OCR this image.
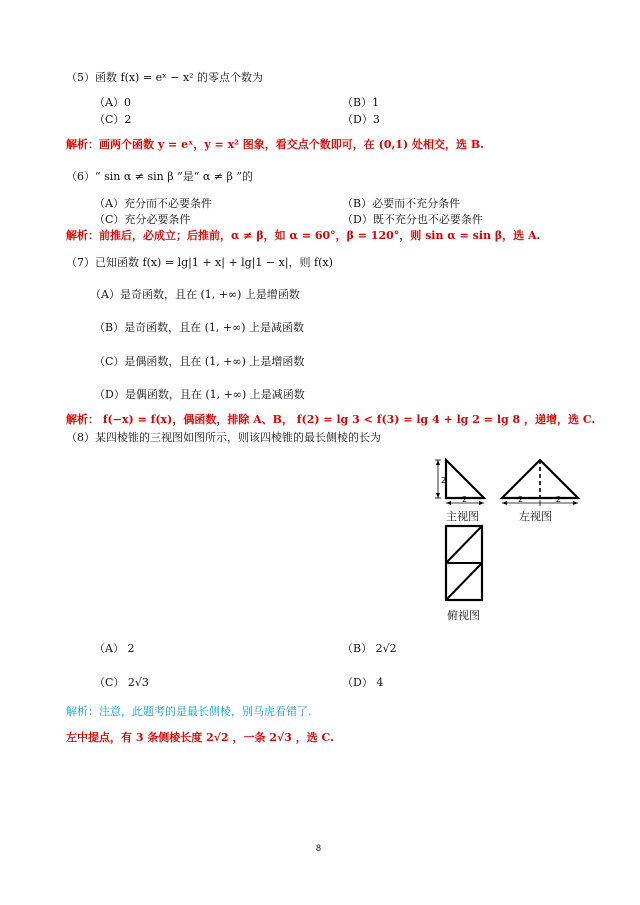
（5）函数 f(x) = eˣ − x² 的零点个数为
（A）0	（B）1
（C）2	（D）3
解析：画两个函数 y = eˣ，y = x² 图象，看交点个数即可，在 (0,1) 处相交，选 B.
（6）“ sin α ≠ sin β ”是“ α ≠ β ”的
（A）充分而不必要条件	（B）必要而不充分条件
（C）充分必要条件	（D）既不充分也不必要条件
解析：前推后，必成立；后推前，α ≠ β，如 α = 60°，β = 120°，则 sin α = sin β，选 A.
（7）已知函数 f(x) = lg|1 + x| + lg|1 − x|，则 f(x)
（A）是奇函数，且在 (1, +∞) 上是增函数
（B）是奇函数，且在 (1, +∞) 上是减函数
（C）是偶函数，且在 (1, +∞) 上是增函数
（D）是偶函数，且在 (1, +∞) 上是减函数
解析： f(−x) = f(x)，偶函数，排除 A、B， f(2) = lg 3 < f(3) = lg 4 + lg 2 = lg 8 ，递增，选 C.
（8）某四棱锥的三视图如图所示，则该四棱锥的最长侧棱的长为
2
2	2	2
主视图	左视图
俯视图
（A） 2	（B） 2√2
（C） 2√3	（D） 4
解析：注意，此题考的是最长侧棱，别马虎看错了.
左中提点，有 3 条侧棱长度 2√2 ，一条 2√3 ，选 C.
8
